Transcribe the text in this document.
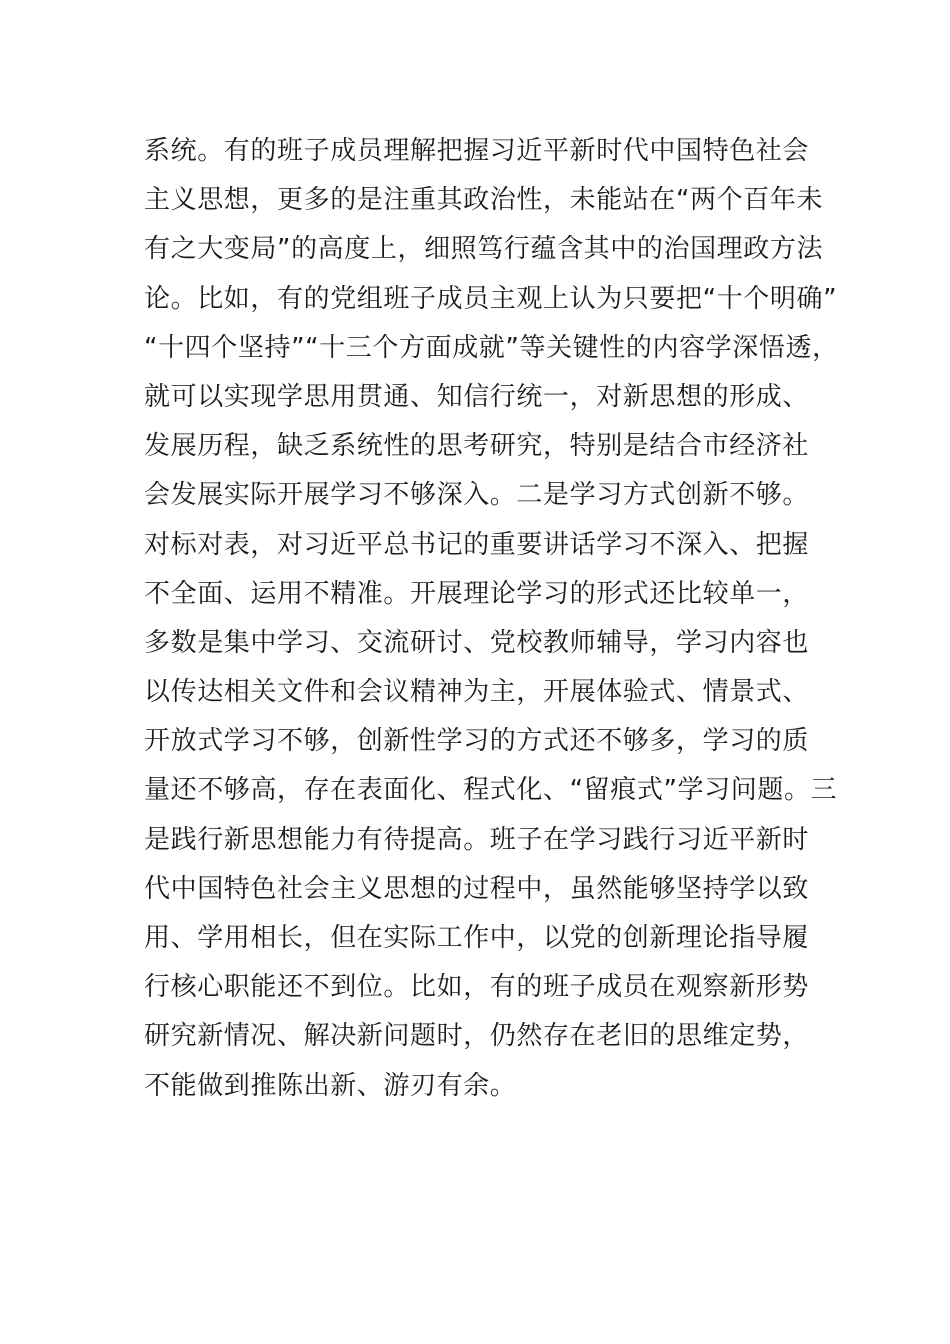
系统。有的班子成员理解把握习近平新时代中国特色社会
主义思想，更多的是注重其政治性，未能站在“两个百年未
有之大变局”的高度上，细照笃行蕴含其中的治国理政方法
论。比如，有的党组班子成员主观上认为只要把“十个明确”
“十四个坚持”“十三个方面成就”等关键性的内容学深悟透，
就可以实现学思用贯通、知信行统一，对新思想的形成、
发展历程，缺乏系统性的思考研究，特别是结合市经济社
会发展实际开展学习不够深入。二是学习方式创新不够。
对标对表，对习近平总书记的重要讲话学习不深入、把握
不全面、运用不精准。开展理论学习的形式还比较单一，
多数是集中学习、交流研讨、党校教师辅导，学习内容也
以传达相关文件和会议精神为主，开展体验式、情景式、
开放式学习不够，创新性学习的方式还不够多，学习的质
量还不够高，存在表面化、程式化、“留痕式”学习问题。三
是践行新思想能力有待提高。班子在学习践行习近平新时
代中国特色社会主义思想的过程中，虽然能够坚持学以致
用、学用相长，但在实际工作中，以党的创新理论指导履
行核心职能还不到位。比如，有的班子成员在观察新形势
研究新情况、解决新问题时，仍然存在老旧的思维定势，
不能做到推陈出新、游刃有余。
